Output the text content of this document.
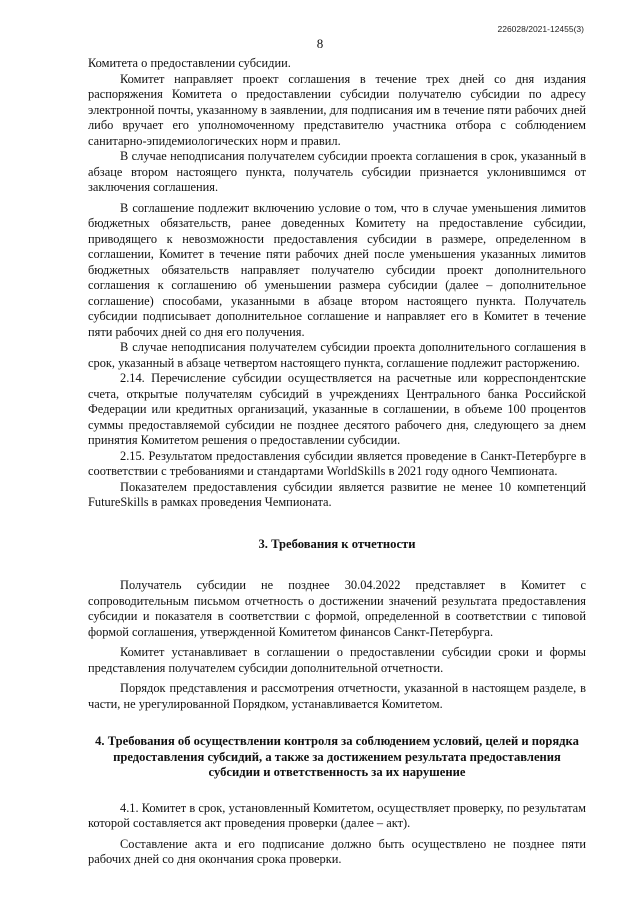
226028/2021-12455(3)
8

Комитета о предоставлении субсидии.

Комитет направляет проект соглашения в течение трех дней со дня издания распоряжения Комитета о предоставлении субсидии получателю субсидии по адресу электронной почты, указанному в заявлении, для подписания им в течение пяти рабочих дней либо вручает его уполномоченному представителю участника отбора с соблюдением санитарно-эпидемиологических норм и правил.

В случае неподписания получателем субсидии проекта соглашения в срок, указанный в абзаце втором настоящего пункта, получатель субсидии признается уклонившимся от заключения соглашения.

В соглашение подлежит включению условие о том, что в случае уменьшения лимитов бюджетных обязательств, ранее доведенных Комитету на предоставление субсидии, приводящего к невозможности предоставления субсидии в размере, определенном в соглашении, Комитет в течение пяти рабочих дней после уменьшения указанных лимитов бюджетных обязательств направляет получателю субсидии проект дополнительного соглашения к соглашению об уменьшении размера субсидии (далее – дополнительное соглашение) способами, указанными в абзаце втором настоящего пункта. Получатель субсидии подписывает дополнительное соглашение и направляет его в Комитет в течение пяти рабочих дней со дня его получения.

В случае неподписания получателем субсидии проекта дополнительного соглашения в срок, указанный в абзаце четвертом настоящего пункта, соглашение подлежит расторжению.

2.14. Перечисление субсидии осуществляется на расчетные или корреспондентские счета, открытые получателям субсидий в учреждениях Центрального банка Российской Федерации или кредитных организаций, указанные в соглашении, в объеме 100 процентов суммы предоставляемой субсидии не позднее десятого рабочего дня, следующего за днем принятия Комитетом решения о предоставлении субсидии.

2.15. Результатом предоставления субсидии является проведение в Санкт-Петербурге в соответствии с требованиями и стандартами WorldSkills в 2021 году одного Чемпионата.

Показателем предоставления субсидии является развитие не менее 10 компетенций FutureSkills в рамках проведения Чемпионата.

3. Требования к отчетности

Получатель субсидии не позднее 30.04.2022 представляет в Комитет с сопроводительным письмом отчетность о достижении значений результата предоставления субсидии и показателя в соответствии с формой, определенной в соответствии с типовой формой соглашения, утвержденной Комитетом финансов Санкт-Петербурга.

Комитет устанавливает в соглашении о предоставлении субсидии сроки и формы представления получателем субсидии дополнительной отчетности.

Порядок представления и рассмотрения отчетности, указанной в настоящем разделе, в части, не урегулированной Порядком, устанавливается Комитетом.

4. Требования об осуществлении контроля за соблюдением условий, целей и порядка предоставления субсидий, а также за достижением результата предоставления субсидии и ответственность за их нарушение

4.1. Комитет в срок, установленный Комитетом, осуществляет проверку, по результатам которой составляется акт проведения проверки (далее – акт).

Составление акта и его подписание должно быть осуществлено не позднее пяти рабочих дней со дня окончания срока проверки.
